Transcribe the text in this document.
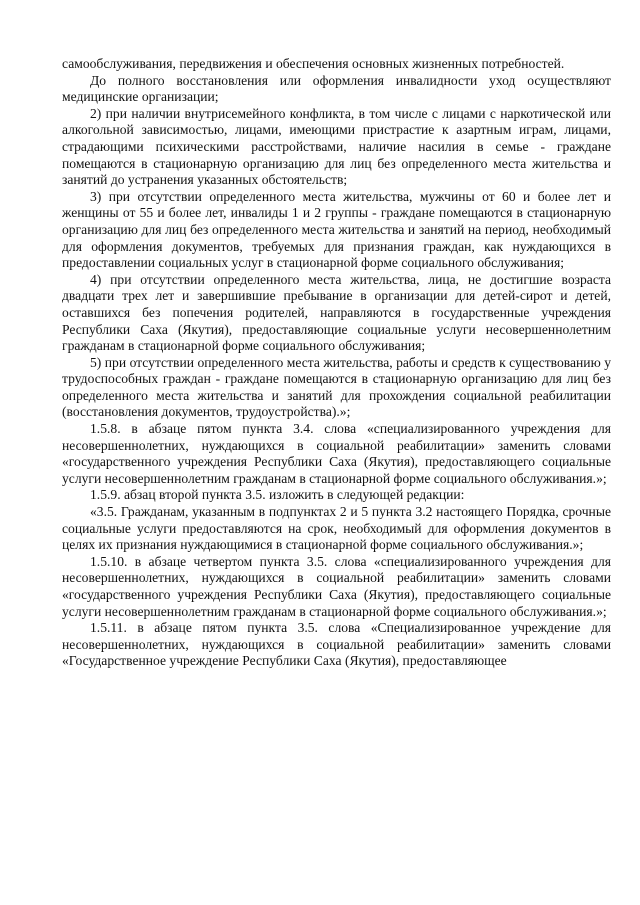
самообслуживания, передвижения и обеспечения основных жизненных потребностей.

До полного восстановления или оформления инвалидности уход осуществляют медицинские организации;

2) при наличии внутрисемейного конфликта, в том числе с лицами с наркотической или алкогольной зависимостью, лицами, имеющими пристрастие к азартным играм, лицами, страдающими психическими расстройствами, наличие насилия в семье - граждане помещаются в стационарную организацию для лиц без определенного места жительства и занятий до устранения указанных обстоятельств;

3) при отсутствии определенного места жительства, мужчины от 60 и более лет и женщины от 55 и более лет, инвалиды 1 и 2 группы - граждане помещаются в стационарную организацию для лиц без определенного места жительства и занятий на период, необходимый для оформления документов, требуемых для признания граждан, как нуждающихся в предоставлении социальных услуг в стационарной форме социального обслуживания;

4) при отсутствии определенного места жительства, лица, не достигшие возраста двадцати трех лет и завершившие пребывание в организации для детей-сирот и детей, оставшихся без попечения родителей, направляются в государственные учреждения Республики Саха (Якутия), предоставляющие социальные услуги несовершеннолетним гражданам в стационарной форме социального обслуживания;

5) при отсутствии определенного места жительства, работы и средств к существованию у трудоспособных граждан - граждане помещаются в стационарную организацию для лиц без определенного места жительства и занятий для прохождения социальной реабилитации (восстановления документов, трудоустройства).»;

1.5.8. в абзаце пятом пункта 3.4. слова «специализированного учреждения для несовершеннолетних, нуждающихся в социальной реабилитации» заменить словами «государственного учреждения Республики Саха (Якутия), предоставляющего социальные услуги несовершеннолетним гражданам в стационарной форме социального обслуживания.»;

1.5.9. абзац второй пункта 3.5. изложить в следующей редакции:

«3.5. Гражданам, указанным в подпунктах 2 и 5 пункта 3.2 настоящего Порядка, срочные социальные услуги предоставляются на срок, необходимый для оформления документов в целях их признания нуждающимися в стационарной форме социального обслуживания.»;

1.5.10. в абзаце четвертом пункта 3.5. слова «специализированного учреждения для несовершеннолетних, нуждающихся в социальной реабилитации» заменить словами «государственного учреждения Республики Саха (Якутия), предоставляющего социальные услуги несовершеннолетним гражданам в стационарной форме социального обслуживания.»;

1.5.11. в абзаце пятом пункта 3.5. слова «Специализированное учреждение для несовершеннолетних, нуждающихся в социальной реабилитации» заменить словами «Государственное учреждение Республики Саха (Якутия), предоставляющее
